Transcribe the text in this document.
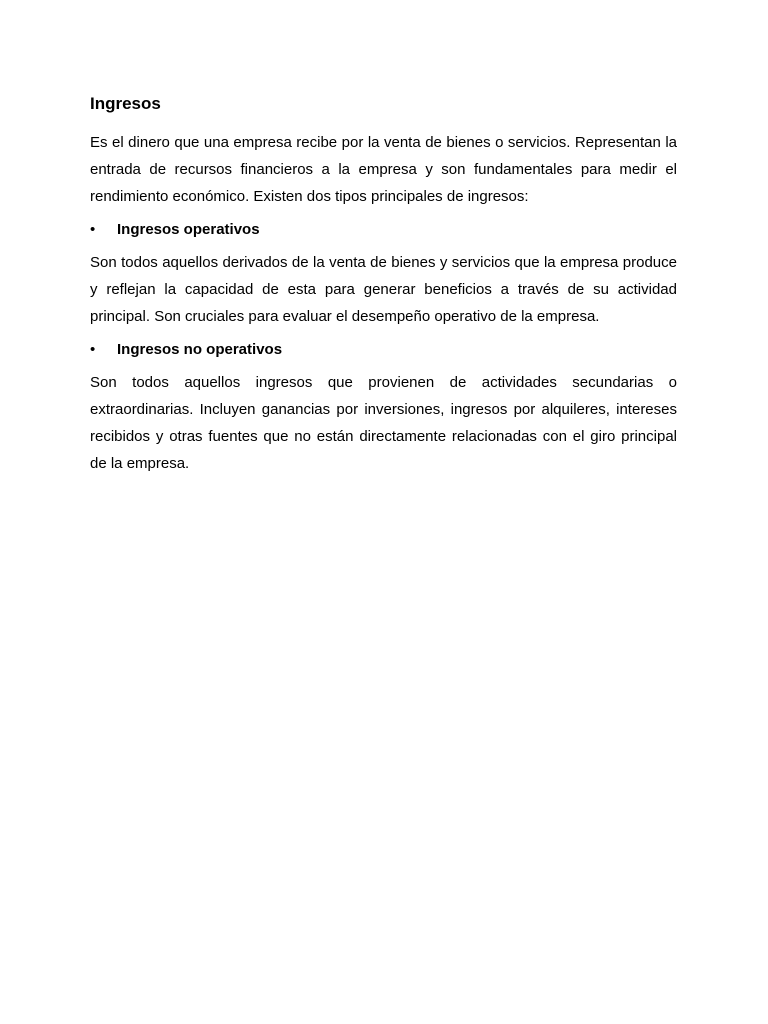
Ingresos

Es el dinero que una empresa recibe por la venta de bienes o servicios. Representan la entrada de recursos financieros a la empresa y son fundamentales para medir el rendimiento económico. Existen dos tipos principales de ingresos:

•	Ingresos operativos

Son todos aquellos derivados de la venta de bienes y servicios que la empresa produce y reflejan la capacidad de esta para generar beneficios a través de su actividad principal. Son cruciales para evaluar el desempeño operativo de la empresa.

•	Ingresos no operativos

Son todos aquellos ingresos que provienen de actividades secundarias o extraordinarias. Incluyen ganancias por inversiones, ingresos por alquileres, intereses recibidos y otras fuentes que no están directamente relacionadas con el giro principal de la empresa.
